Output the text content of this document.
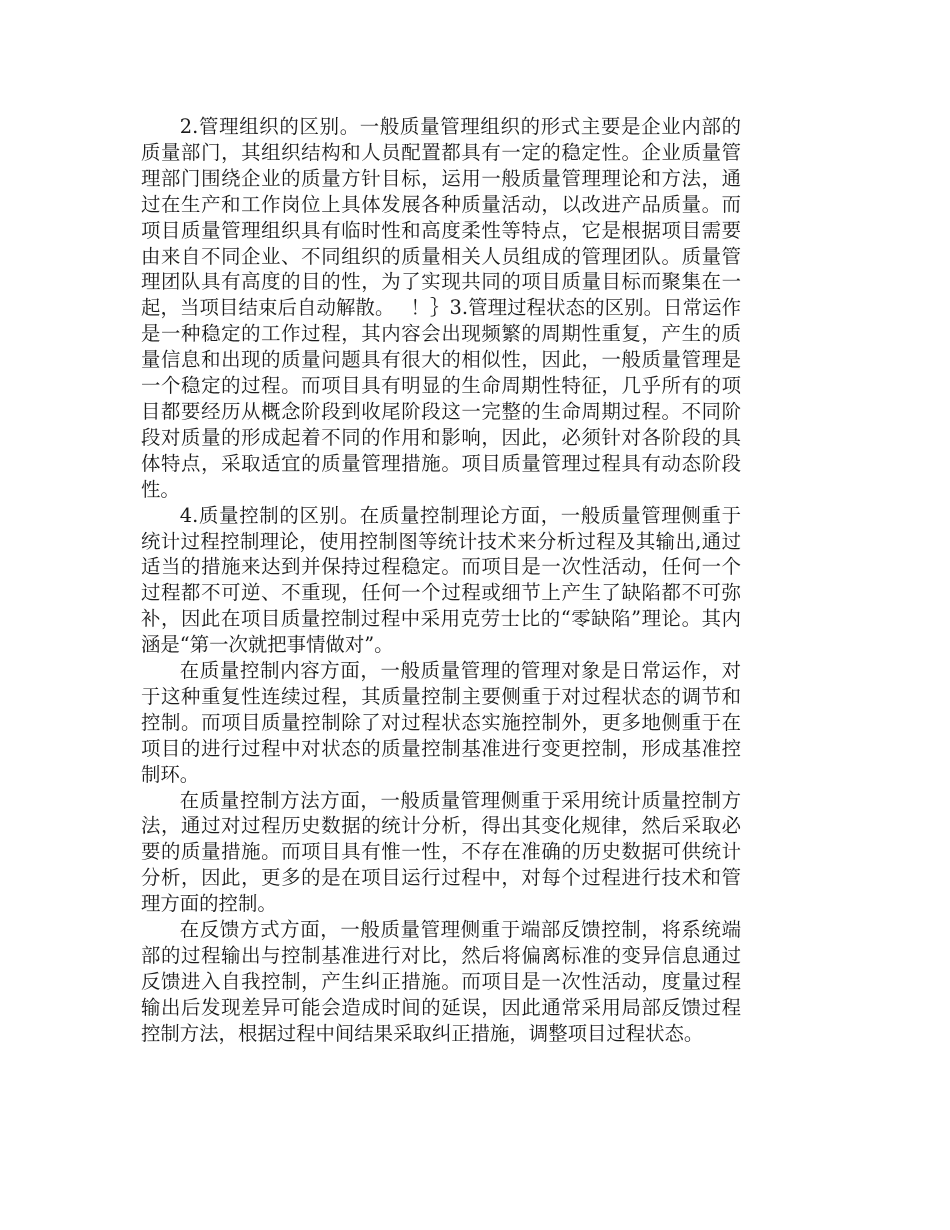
2.管理组织的区别。一般质量管理组织的形式主要是企业内部的质量部门，其组织结构和人员配置都具有一定的稳定性。企业质量管理部门围绕企业的质量方针目标，运用一般质量管理理论和方法，通过在生产和工作岗位上具体发展各种质量活动，以改进产品质量。而项目质量管理组织具有临时性和高度柔性等特点，它是根据项目需要由来自不同企业、不同组织的质量相关人员组成的管理团队。质量管理团队具有高度的目的性，为了实现共同的项目质量目标而聚集在一起，当项目结束后自动解散。　 ！｝3.管理过程状态的区别。日常运作是一种稳定的工作过程，其内容会出现频繁的周期性重复，产生的质量信息和出现的质量问题具有很大的相似性，因此，一般质量管理是一个稳定的过程。而项目具有明显的生命周期性特征，几乎所有的项目都要经历从概念阶段到收尾阶段这一完整的生命周期过程。不同阶段对质量的形成起着不同的作用和影响，因此，必须针对各阶段的具体特点，采取适宜的质量管理措施。项目质量管理过程具有动态阶段性。

4.质量控制的区别。在质量控制理论方面，一般质量管理侧重于统计过程控制理论，使用控制图等统计技术来分析过程及其输出,通过适当的措施来达到并保持过程稳定。而项目是一次性活动，任何一个过程都不可逆、不重现，任何一个过程或细节上产生了缺陷都不可弥补，因此在项目质量控制过程中采用克劳士比的“零缺陷”理论。其内涵是“第一次就把事情做对”。

在质量控制内容方面，一般质量管理的管理对象是日常运作，对于这种重复性连续过程，其质量控制主要侧重于对过程状态的调节和控制。而项目质量控制除了对过程状态实施控制外，更多地侧重于在项目的进行过程中对状态的质量控制基准进行变更控制，形成基准控制环。

在质量控制方法方面，一般质量管理侧重于采用统计质量控制方法，通过对过程历史数据的统计分析，得出其变化规律，然后采取必要的质量措施。而项目具有惟一性，不存在准确的历史数据可供统计分析，因此，更多的是在项目运行过程中，对每个过程进行技术和管理方面的控制。

在反馈方式方面，一般质量管理侧重于端部反馈控制，将系统端部的过程输出与控制基准进行对比，然后将偏离标准的变异信息通过反馈进入自我控制，产生纠正措施。而项目是一次性活动，度量过程输出后发现差异可能会造成时间的延误，因此通常采用局部反馈过程控制方法，根据过程中间结果采取纠正措施，调整项目过程状态。
